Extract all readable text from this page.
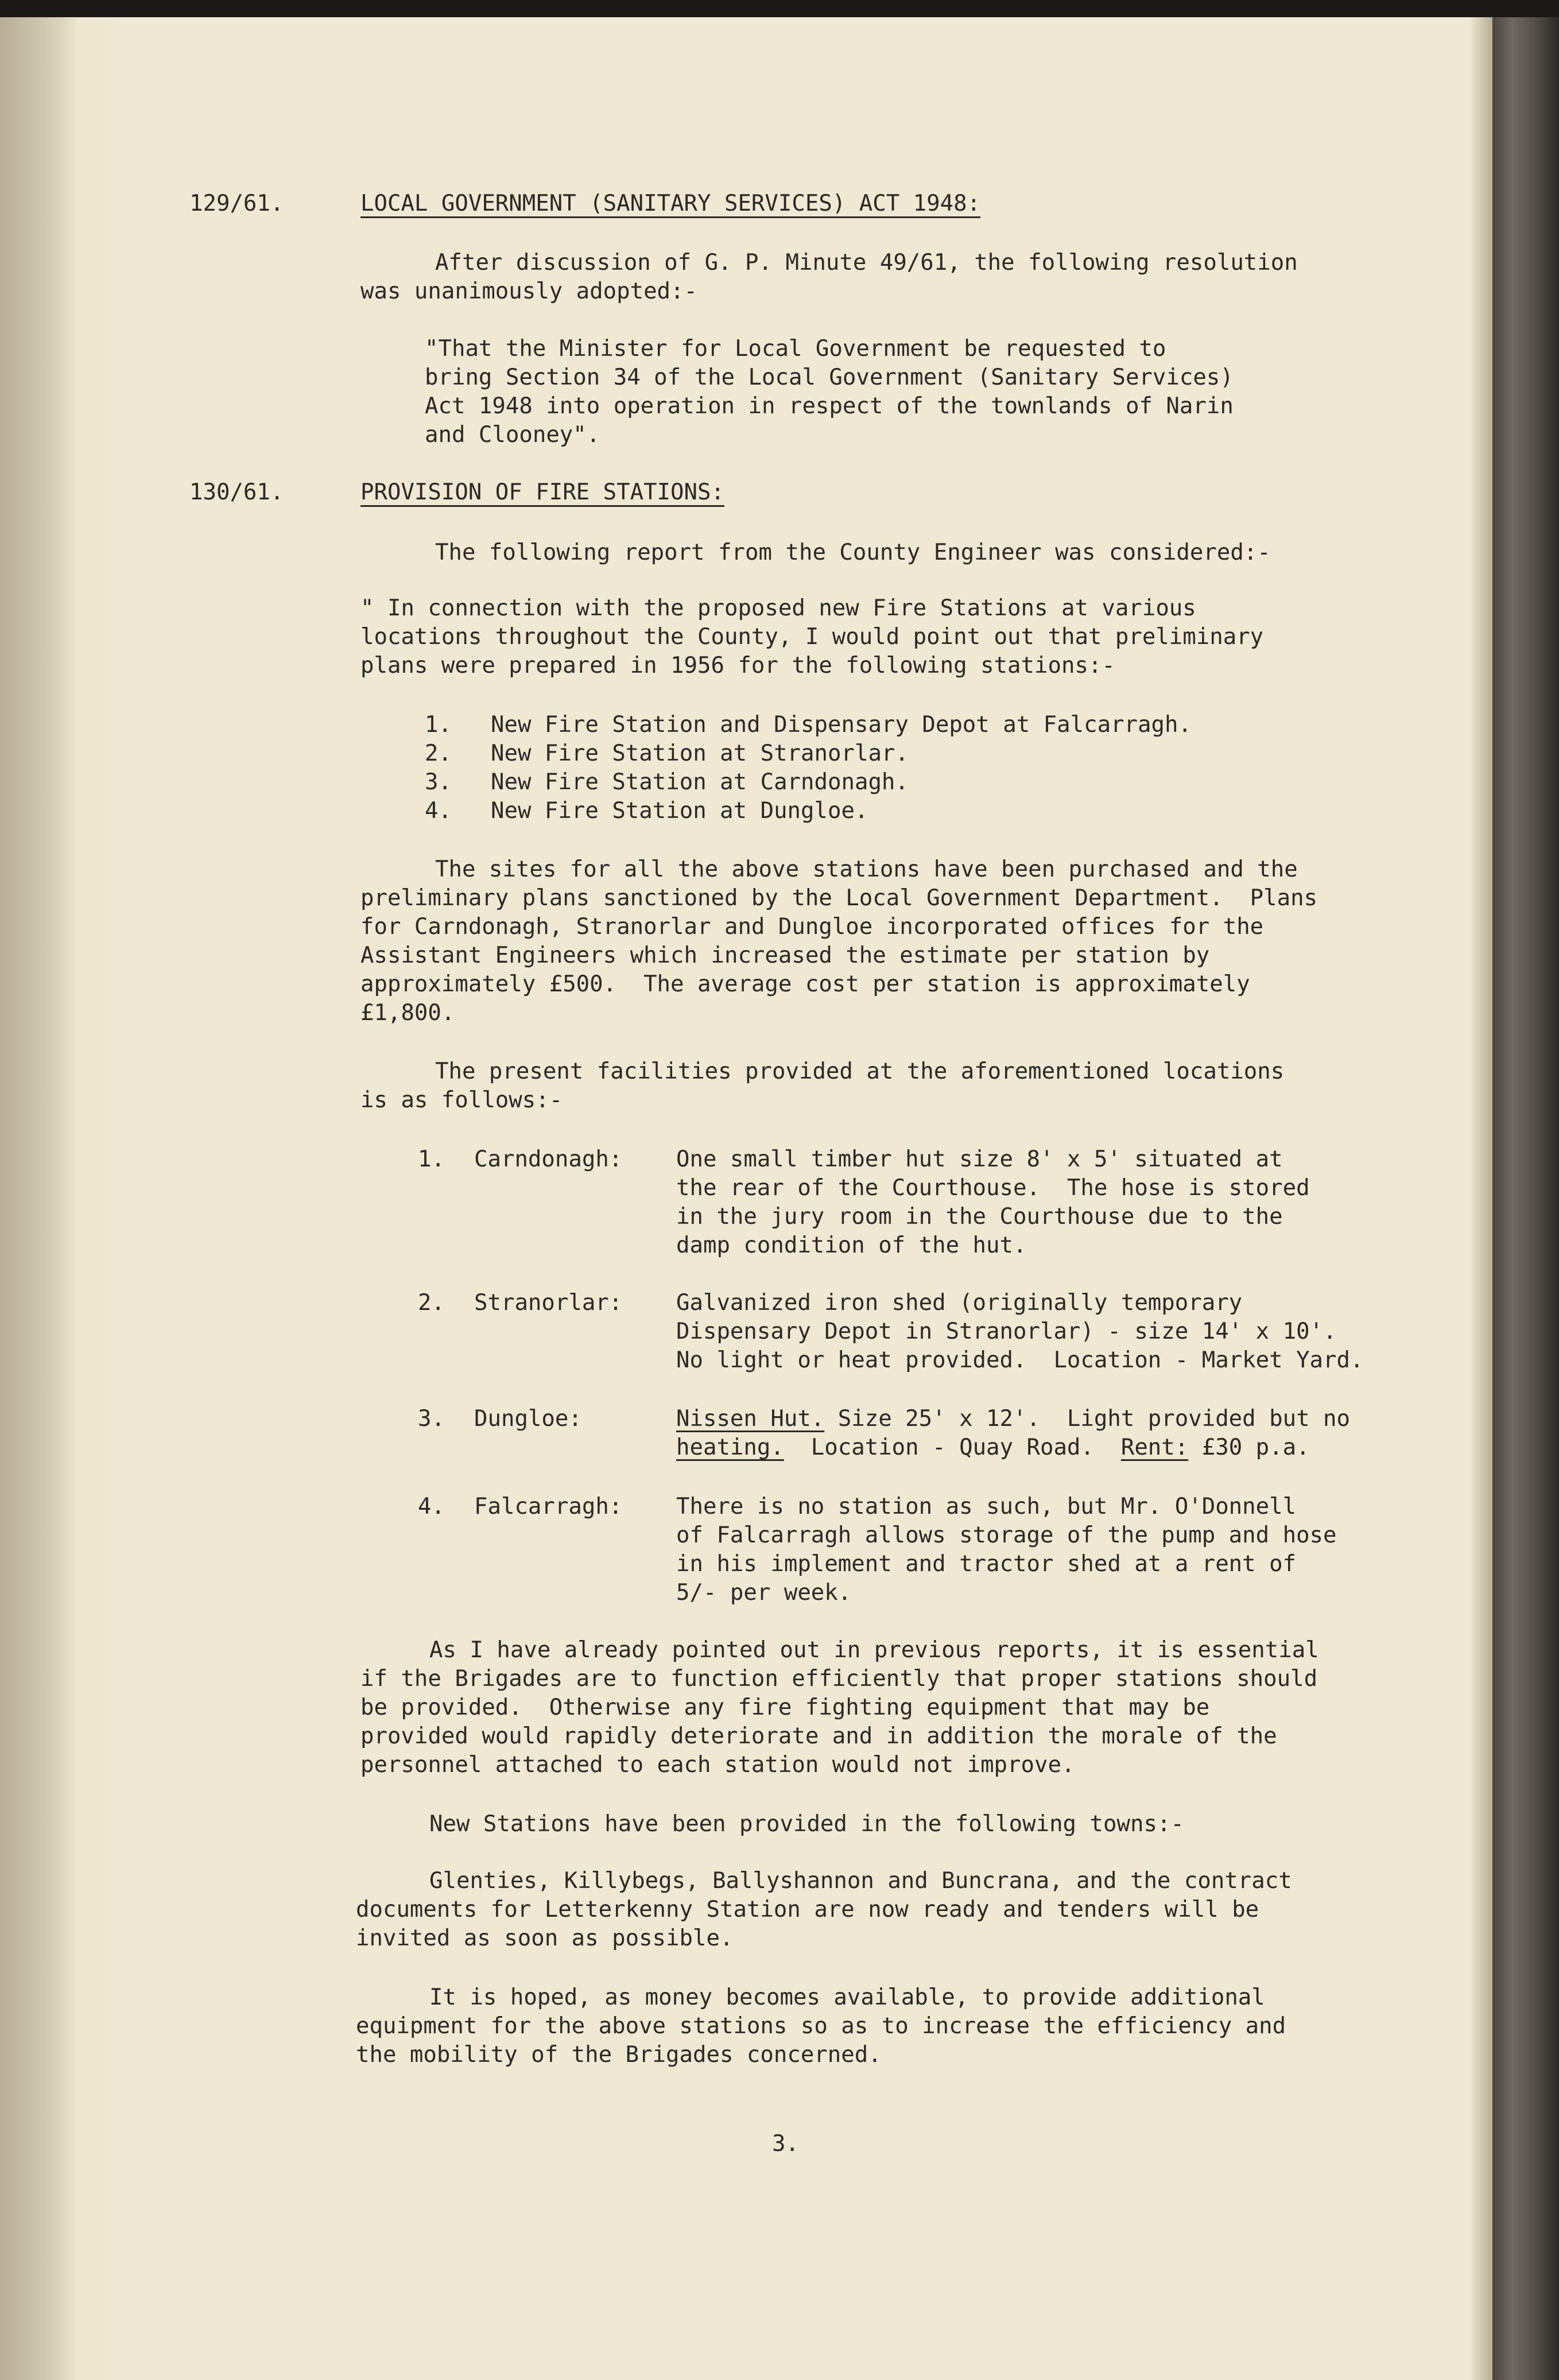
129/61.	LOCAL GOVERNMENT (SANITARY SERVICES) ACT 1948:
After discussion of G. P. Minute 49/61, the following resolution
was unanimously adopted:-
"That the Minister for Local Government be requested to
bring Section 34 of the Local Government (Sanitary Services)
Act 1948 into operation in respect of the townlands of Narin
and Clooney".
130/61.	PROVISION OF FIRE STATIONS:
The following report from the County Engineer was considered:-
" In connection with the proposed new Fire Stations at various
locations throughout the County, I would point out that preliminary
plans were prepared in 1956 for the following stations:-
1. New Fire Station and Dispensary Depot at Falcarragh.
2. New Fire Station at Stranorlar.
3. New Fire Station at Carndonagh.
4. New Fire Station at Dungloe.
The sites for all the above stations have been purchased and the
preliminary plans sanctioned by the Local Government Department.  Plans
for Carndonagh, Stranorlar and Dungloe incorporated offices for the
Assistant Engineers which increased the estimate per station by
approximately £500.  The average cost per station is approximately
£1,800.
The present facilities provided at the aforementioned locations
is as follows:-
1. Carndonagh: One small timber hut size 8' x 5' situated at
the rear of the Courthouse.  The hose is stored
in the jury room in the Courthouse due to the
damp condition of the hut.
2. Stranorlar: Galvanized iron shed (originally temporary
Dispensary Depot in Stranorlar) - size 14' x 10'.
No light or heat provided.  Location - Market Yard.
3. Dungloe:	Nissen Hut. Size 25' x 12'.  Light provided but no
heating.  Location - Quay Road.  Rent: £30 p.a.
4. Falcarragh: There is no station as such, but Mr. O'Donnell
of Falcarragh allows storage of the pump and hose
in his implement and tractor shed at a rent of
5/- per week.
As I have already pointed out in previous reports, it is essential
if the Brigades are to function efficiently that proper stations should
be provided.  Otherwise any fire fighting equipment that may be
provided would rapidly deteriorate and in addition the morale of the
personnel attached to each station would not improve.
New Stations have been provided in the following towns:-
Glenties, Killybegs, Ballyshannon and Buncrana, and the contract
documents for Letterkenny Station are now ready and tenders will be
invited as soon as possible.
It is hoped, as money becomes available, to provide additional
equipment for the above stations so as to increase the efficiency and
the mobility of the Brigades concerned.
3.
